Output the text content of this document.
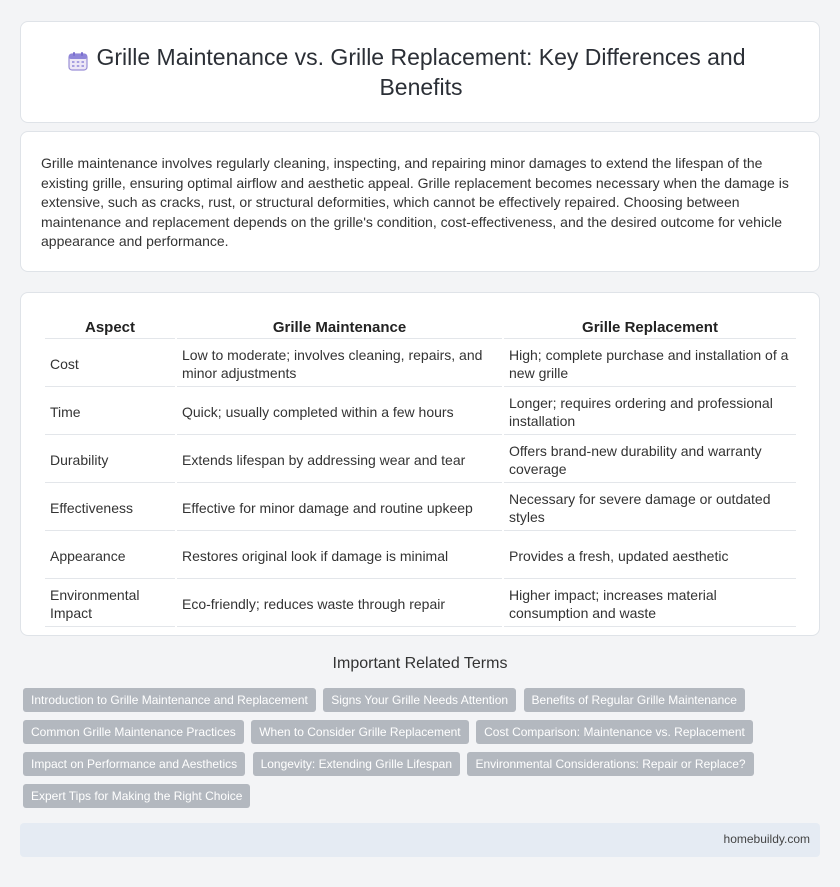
Grille Maintenance vs. Grille Replacement: Key Differences and Benefits

Grille maintenance involves regularly cleaning, inspecting, and repairing minor damages to extend the lifespan of the existing grille, ensuring optimal airflow and aesthetic appeal. Grille replacement becomes necessary when the damage is extensive, such as cracks, rust, or structural deformities, which cannot be effectively repaired. Choosing between maintenance and replacement depends on the grille's condition, cost-effectiveness, and the desired outcome for vehicle appearance and performance.

Aspect	Grille Maintenance	Grille Replacement
Cost	Low to moderate; involves cleaning, repairs, and minor adjustments	High; complete purchase and installation of a new grille
Time	Quick; usually completed within a few hours	Longer; requires ordering and professional installation
Durability	Extends lifespan by addressing wear and tear	Offers brand-new durability and warranty coverage
Effectiveness	Effective for minor damage and routine upkeep	Necessary for severe damage or outdated styles
Appearance	Restores original look if damage is minimal	Provides a fresh, updated aesthetic
Environmental Impact	Eco-friendly; reduces waste through repair	Higher impact; increases material consumption and waste
Important Related Terms
Introduction to Grille Maintenance and Replacement Signs Your Grille Needs Attention Benefits of Regular Grille Maintenance Common Grille Maintenance Practices When to Consider Grille Replacement Cost Comparison: Maintenance vs. Replacement Impact on Performance and Aesthetics Longevity: Extending Grille Lifespan Environmental Considerations: Repair or Replace? Expert Tips for Making the Right Choice
homebuildy.com
